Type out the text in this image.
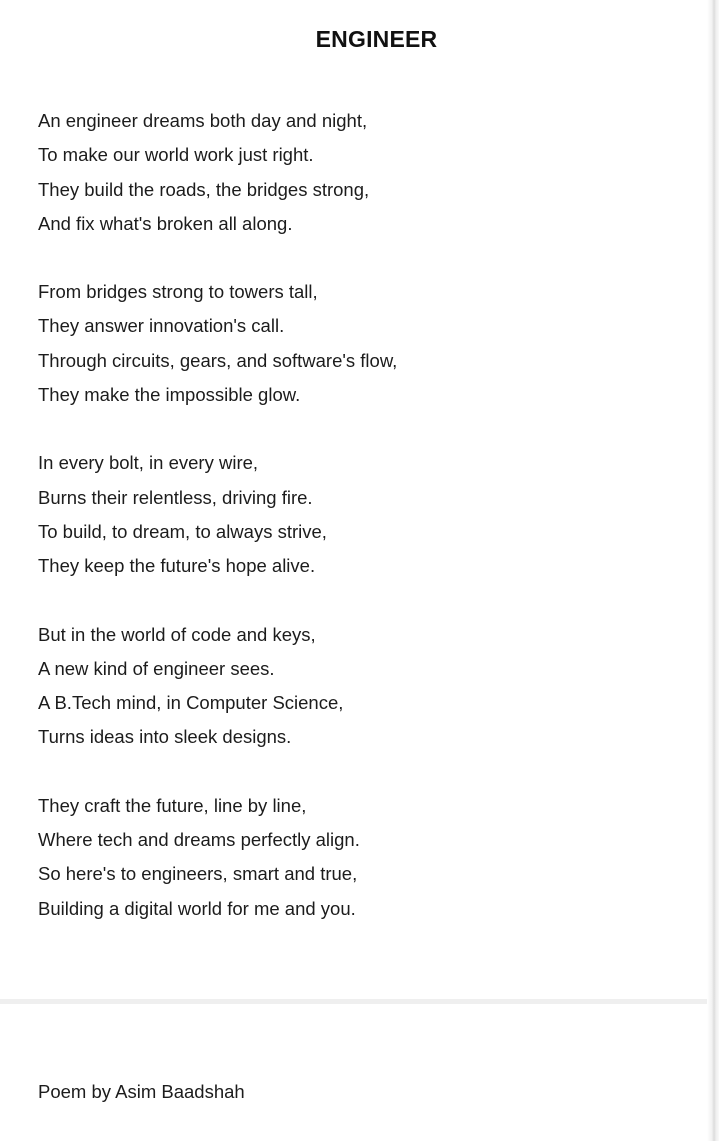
ENGINEER
An engineer dreams both day and night,
To make our world work just right.
They build the roads, the bridges strong,
And fix what's broken all along.
From bridges strong to towers tall,
They answer innovation's call.
Through circuits, gears, and software's flow,
They make the impossible glow.
In every bolt, in every wire,
Burns their relentless, driving fire.
To build, to dream, to always strive,
They keep the future's hope alive.
But in the world of code and keys,
A new kind of engineer sees.
A B.Tech mind, in Computer Science,
Turns ideas into sleek designs.
They craft the future, line by line,
Where tech and dreams perfectly align.
So here's to engineers, smart and true,
Building a digital world for me and you.
Poem by Asim Baadshah
